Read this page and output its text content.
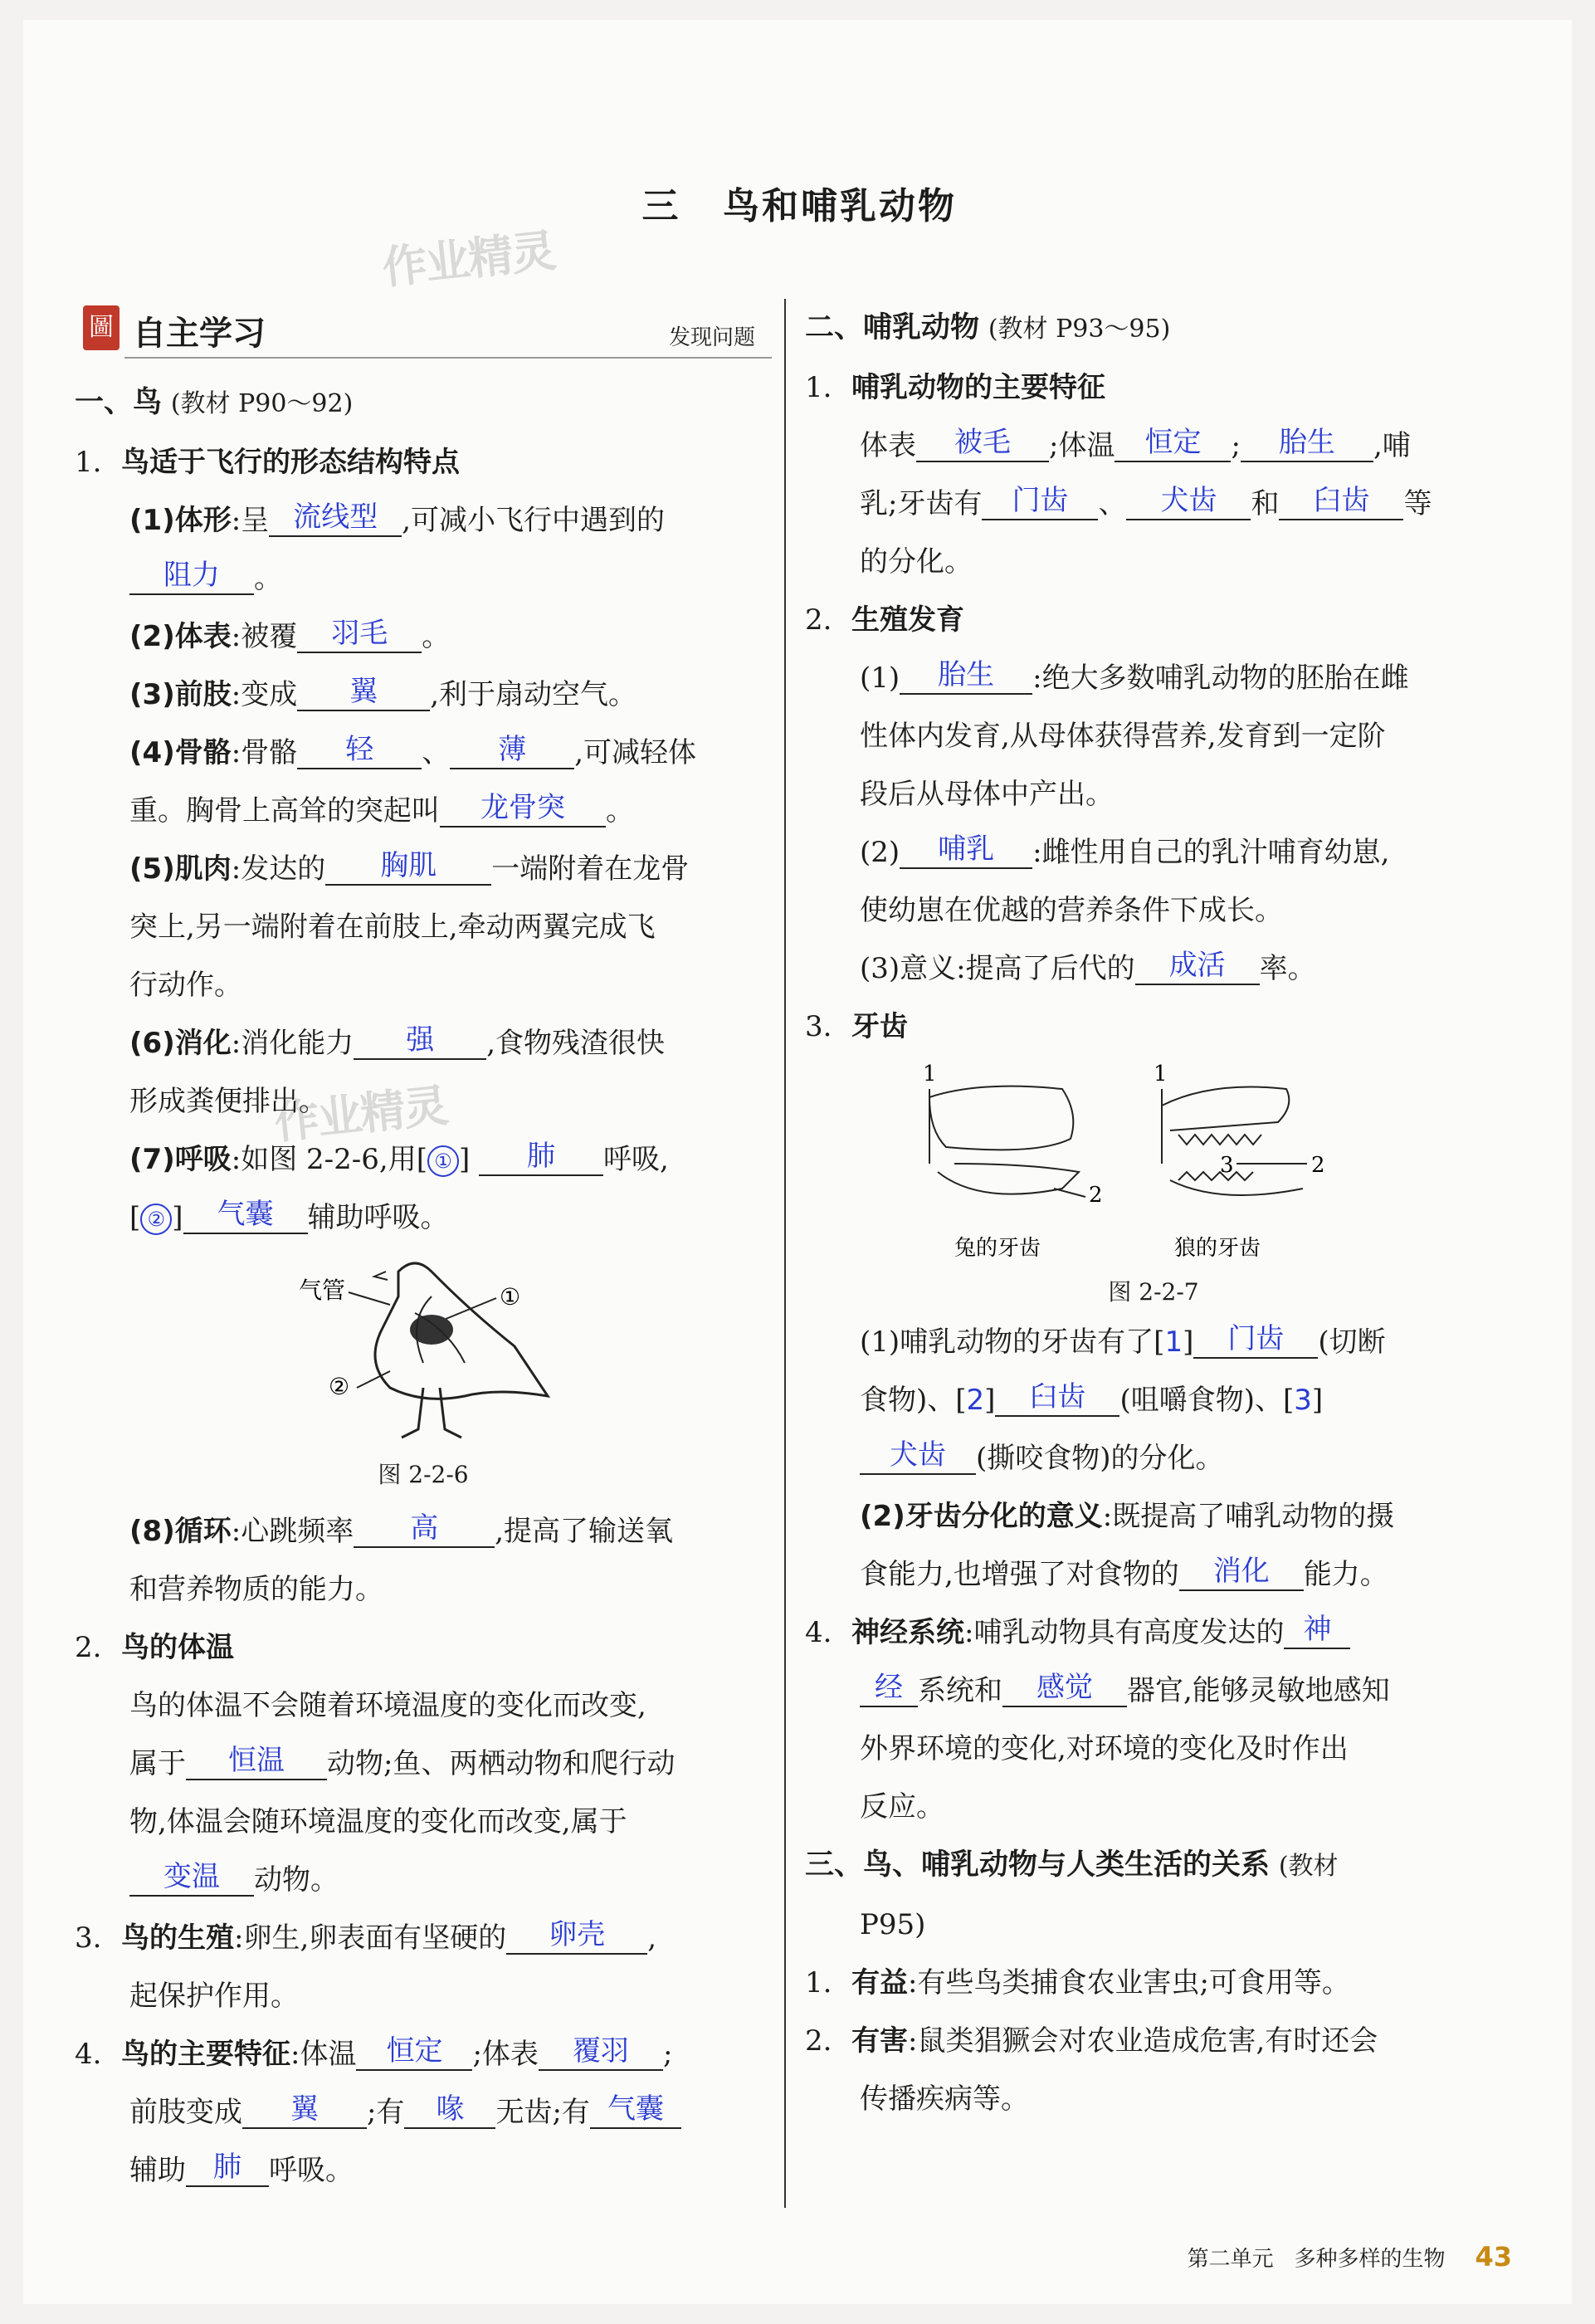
三 鸟和哺乳动物
作业精灵
作业精灵
圖 自主学习	发现问题
一、鸟 (教材 P90～92)
1. 鸟适于飞行的形态结构特点
(1)体形:呈 流线型 ,可减小飞行中遇到的
阻力 。
(2)体表:被覆 羽毛 。
(3)前肢:变成 翼 ,利于扇动空气。
(4)骨骼:骨骼 轻 、 薄 ,可减轻体
重。胸骨上高耸的突起叫 龙骨突 。
(5)肌肉:发达的 胸肌 一端附着在龙骨
突上,另一端附着在前肢上,牵动两翼完成飞
行动作。
(6)消化:消化能力 强 ,食物残渣很快
形成粪便排出。
(7)呼吸:如图 2-2-6,用[ ① ] 肺 呼吸,
[ ② ] 气囊 辅助呼吸。
气管	①
②
图 2-2-6
(8)循环:心跳频率 高 ,提高了输送氧
和营养物质的能力。
2. 鸟的体温
鸟的体温不会随着环境温度的变化而改变,
属于 恒温 动物;鱼、两栖动物和爬行动
物,体温会随环境温度的变化而改变,属于
变温 动物。
3. 鸟的生殖:卵生,卵表面有坚硬的 卵壳 ,
起保护作用。
4. 鸟的主要特征:体温 恒定 ;体表 覆羽 ;
前肢变成 翼 ;有 喙 无齿;有 气囊
辅助 肺 呼吸。
二、哺乳动物 (教材 P93～95)
1. 哺乳动物的主要特征
体表 被毛 ;体温 恒定 ; 胎生 ,哺
乳;牙齿有 门齿 、 犬齿 和 臼齿 等
的分化。
2. 生殖发育
(1) 胎生 :绝大多数哺乳动物的胚胎在雌
性体内发育,从母体获得营养,发育到一定阶
段后从母体中产出。
(2) 哺乳 :雌性用自己的乳汁哺育幼崽,
使幼崽在优越的营养条件下成长。
(3)意义:提高了后代的 成活 率。
3. 牙齿
1	1
2
2
3
兔的牙齿	狼的牙齿
图 2-2-7
(1)哺乳动物的牙齿有了[1] 门齿 (切断
食物)、[2] 臼齿 (咀嚼食物)、[3]
犬齿 (撕咬食物)的分化。
(2)牙齿分化的意义:既提高了哺乳动物的摄
食能力,也增强了对食物的 消化 能力。
4. 神经系统:哺乳动物具有高度发达的 神
经 系统和 感觉 器官,能够灵敏地感知
外界环境的变化,对环境的变化及时作出
反应。
三、鸟、哺乳动物与人类生活的关系 (教材
P95)
1. 有益:有些鸟类捕食农业害虫;可食用等。
2. 有害:鼠类猖獗会对农业造成危害,有时还会
传播疾病等。
第二单元 多种多样的生物 43
